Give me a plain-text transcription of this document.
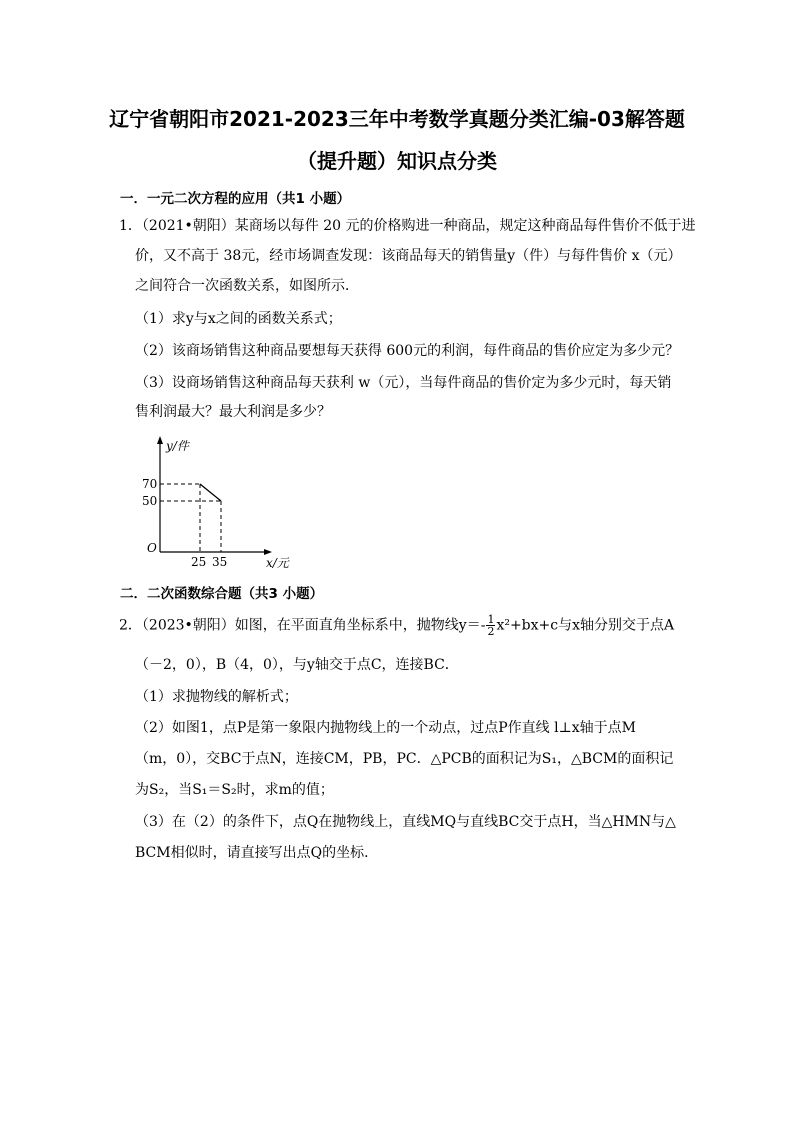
辽宁省朝阳市2021-2023三年中考数学真题分类汇编-03解答题
（提升题）知识点分类
一．一元二次方程的应用（共1 小题）
1．（2021•朝阳）某商场以每件 20 元的价格购进一种商品，规定这种商品每件售价不低于进
价，又不高于 38元，经市场调查发现：该商品每天的销售量y（件）与每件售价 x（元）
之间符合一次函数关系，如图所示．
（1）求y与x之间的函数关系式；
（2）该商场销售这种商品要想每天获得 600元的利润，每件商品的售价应定为多少元？
（3）设商场销售这种商品每天获利 w（元），当每件商品的售价定为多少元时，每天销
售利润最大？最大利润是多少？
y/件
70
50
O
25 35	x/元
二．二次函数综合题（共3 小题）
2．（2023•朝阳）如图，在平面直角坐标系中，抛物线$y=- \frac{1}{2} x^2+bx+c$与x轴分别交于点A
（－2，0），B（4，0），与y轴交于点C，连接BC．
（1）求抛物线的解析式；
（2）如图1，点P是第一象限内抛物线上的一个动点，过点P作直线 l⊥x轴于点M
（m，0），交BC于点N，连接CM，PB，PC．△PCB的面积记为S₁，△BCM的面积记
为S₂，当S₁＝S₂时，求m的值；
（3）在（2）的条件下，点Q在抛物线上，直线MQ与直线BC交于点H，当△HMN与△
BCM相似时，请直接写出点Q的坐标．
